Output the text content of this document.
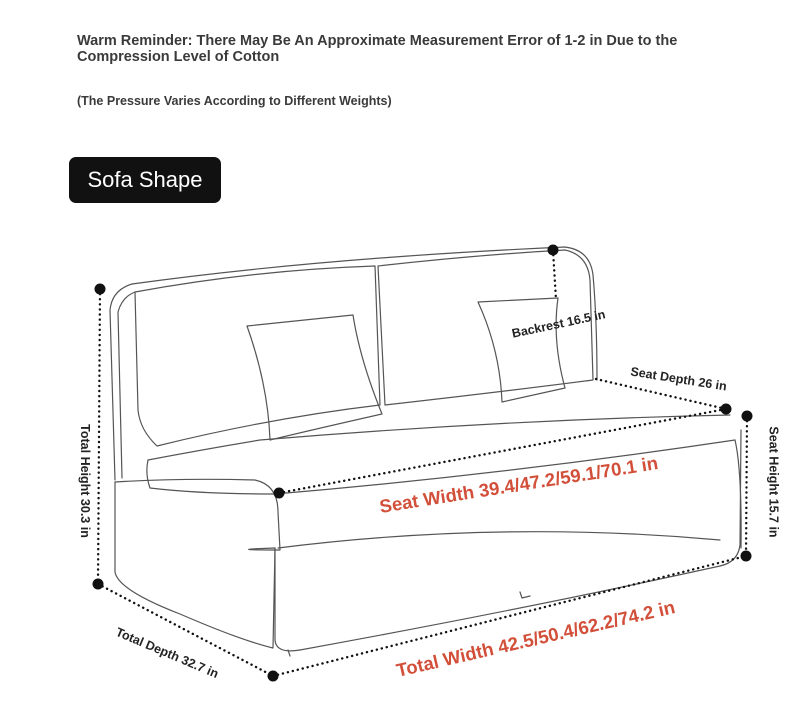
Warm Reminder: There May Be An Approximate Measurement Error of 1-2 in Due to the Compression Level of Cotton
(The Pressure Varies According to Different Weights)
Sofa Shape
Total Height 30.3 in
Backrest 16.5 in
Seat Depth 26 in
Seat Height 15.7 in
Seat Width 39.4/47.2/59.1/70.1 in
Total Depth 32.7 in	Total Width 42.5/50.4/62.2/74.2 in
